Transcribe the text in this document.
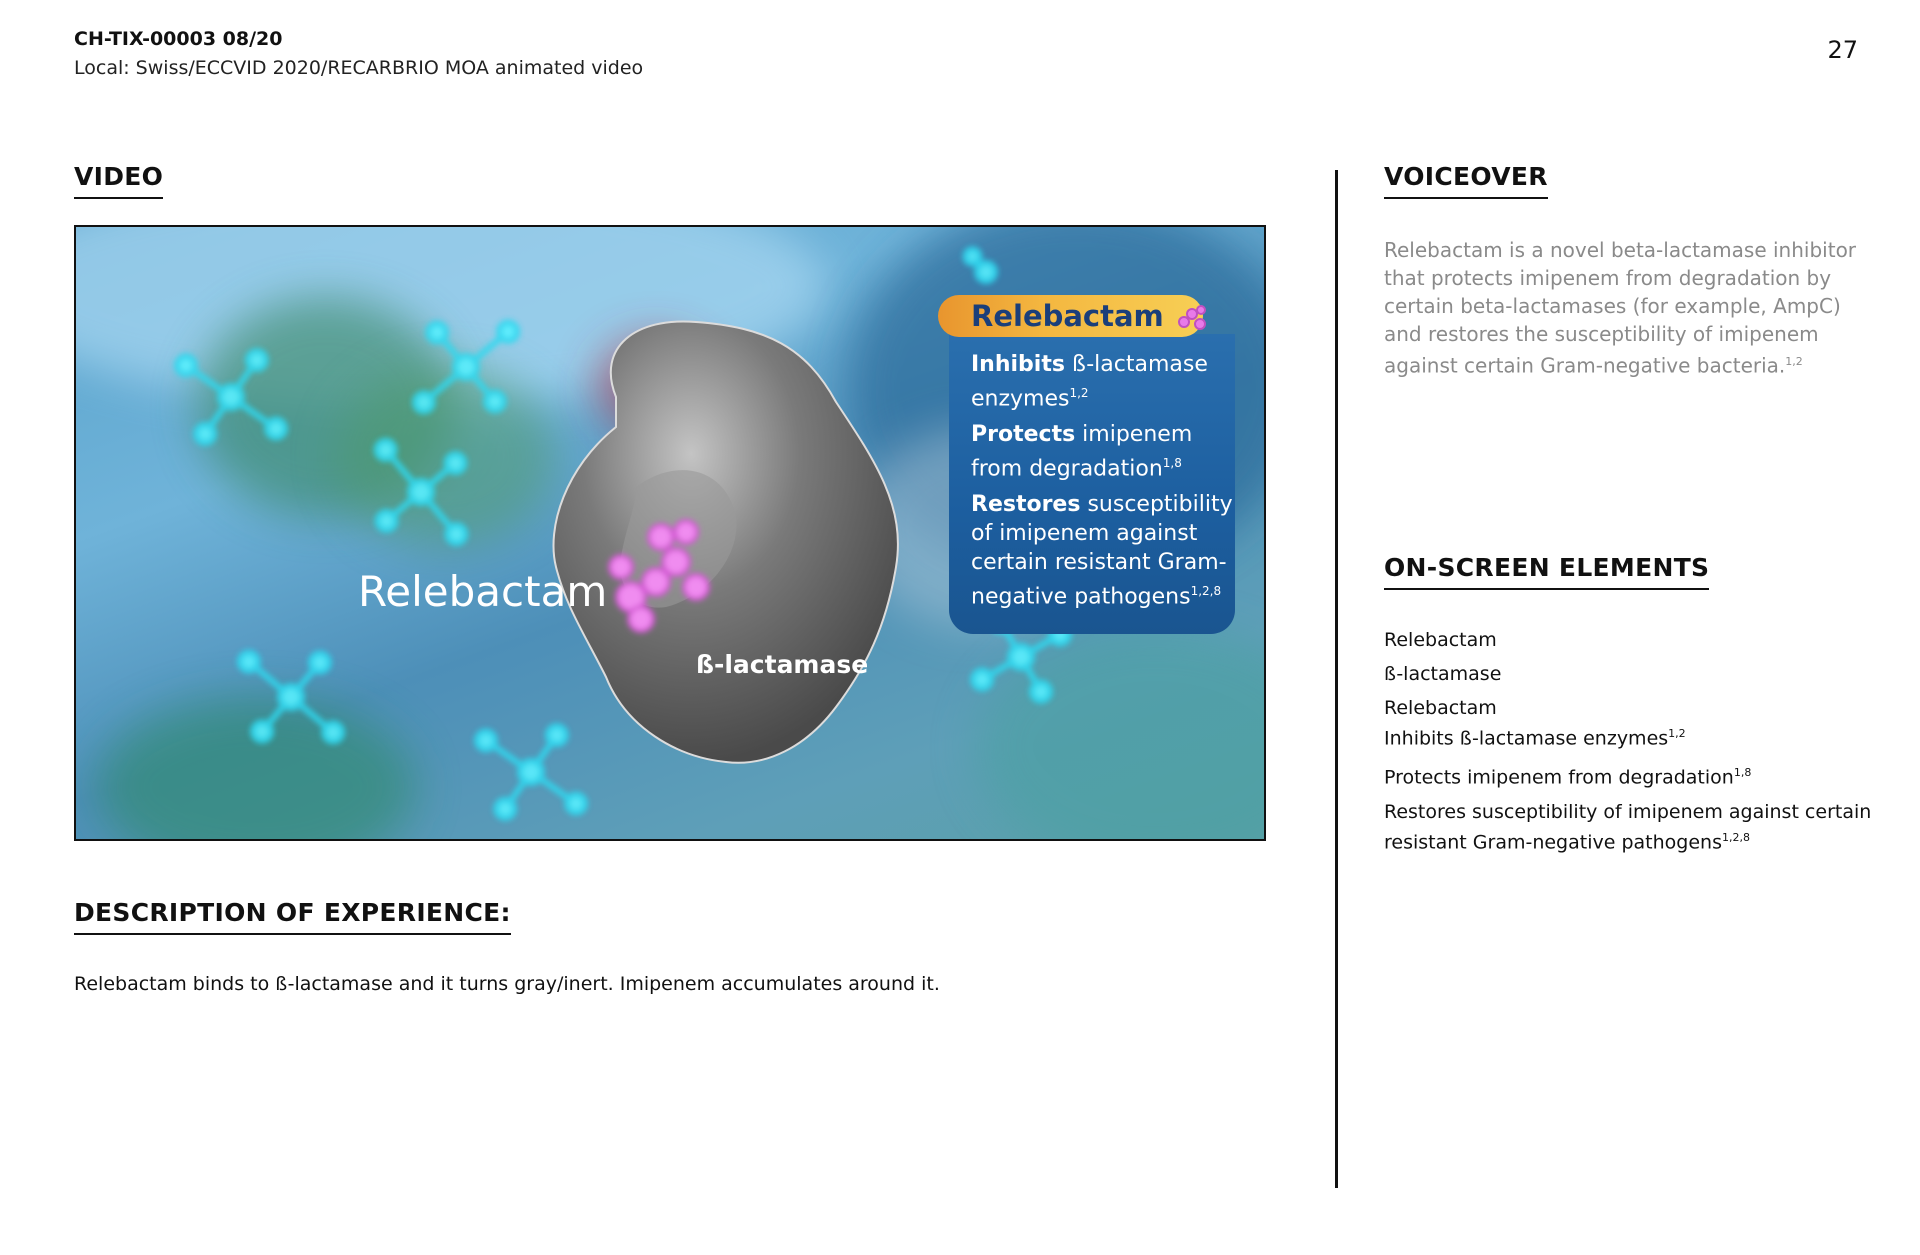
CH-TIX-00003 08/20
Local: Swiss/ECCVID 2020/RECARBRIO MOA animated video
27
VIDEO	VOICEOVER
ON-SCREEN ELEMENTS
DESCRIPTION OF EXPERIENCE:
Relebactam
ß-lactamase
Relebactam
Inhibits ß-lactamase enzymes$^{1,2}$
Protects imipenem from degradation$^{1,8}$
Restores susceptibility of imipenem against certain resistant Gram-negative pathogens$^{1,2,8}$
Relebactam binds to ß-lactamase and it turns gray/inert. Imipenem accumulates around it.
Relebactam is a novel beta-lactamase inhibitor that protects imipenem from degradation by certain beta-lactamases (for example, AmpC) and restores the susceptibility of imipenem against certain Gram-negative bacteria.$^{1,2}$
Relebactam
ß-lactamase
Relebactam
Inhibits ß-lactamase enzymes$^{1,2}$
Protects imipenem from degradation$^{1,8}$
Restores susceptibility of imipenem against certain
resistant Gram-negative pathogens$^{1,2,8}$
